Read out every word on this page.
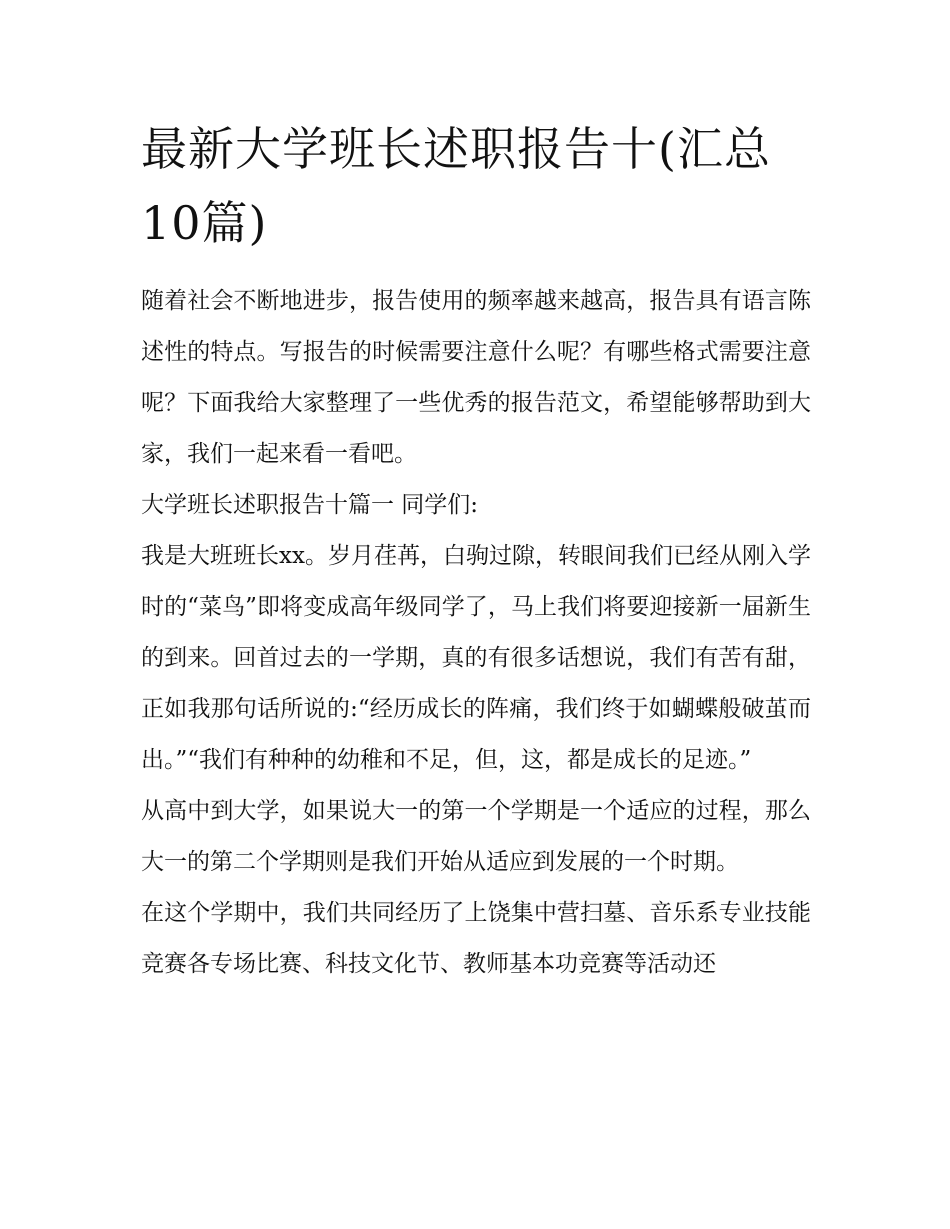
最新大学班长述职报告十(汇总10篇)

随着社会不断地进步，报告使用的频率越来越高，报告具有语言陈述性的特点。写报告的时候需要注意什么呢？有哪些格式需要注意呢？下面我给大家整理了一些优秀的报告范文，希望能够帮助到大家，我们一起来看一看吧。

大学班长述职报告十篇一 同学们:

我是大班班长xx。岁月荏苒，白驹过隙，转眼间我们已经从刚入学时的“菜鸟”即将变成高年级同学了，马上我们将要迎接新一届新生的到来。回首过去的一学期，真的有很多话想说，我们有苦有甜，正如我那句话所说的:“经历成长的阵痛，我们终于如蝴蝶般破茧而出。”“我们有种种的幼稚和不足，但，这，都是成长的足迹。”

从高中到大学，如果说大一的第一个学期是一个适应的过程，那么大一的第二个学期则是我们开始从适应到发展的一个时期。

在这个学期中，我们共同经历了上饶集中营扫墓、音乐系专业技能竞赛各专场比赛、科技文化节、教师基本功竞赛等活动还
